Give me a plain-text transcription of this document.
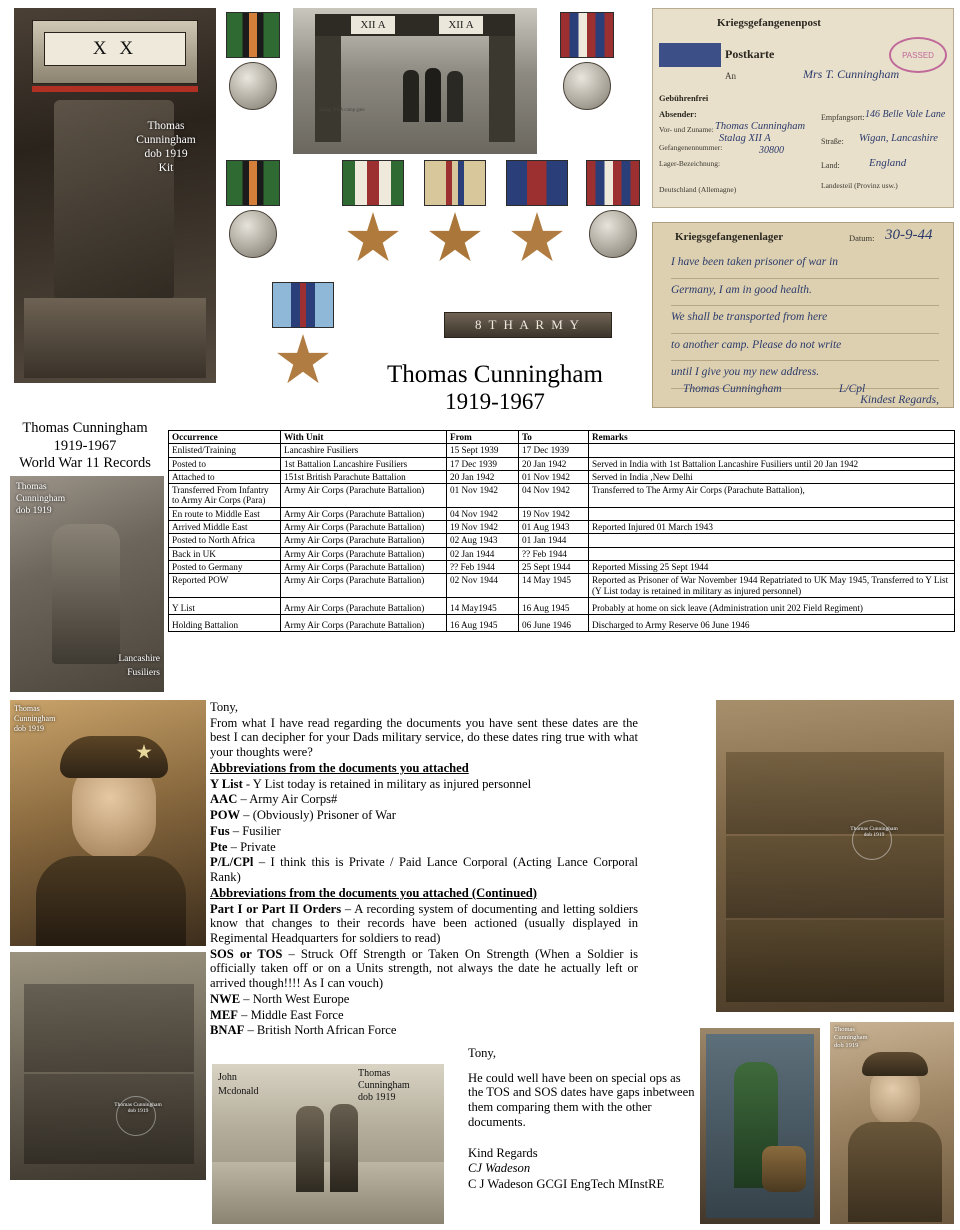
X X
Thomas
Cunningham
dob 1919
Kit
XII A	XII A
Stalag XIIA camp gate
8 T H A R M Y
Thomas Cunningham
1919-1967
Kriegsgefangenenpost
Postkarte	PASSED
An	Mrs T. Cunningham
Gebührenfrei
Absender:
Vor- und Zuname: Thomas Cunningham
Gefangenennummer:
Stalag XII A
30800
Lager-Bezeichnung:
Deutschland (Allemagne)
Empfangsort: 146 Belle Vale Lane
Straße: Wigan, Lancashire
Land:	England
Landesteil (Provinz usw.)
Kriegsgefangenenlager	Datum: 30-9-44
I have been taken prisoner of war in
Germany, I am in good health.
We shall be transported from here
to another camp. Please do not write
until I give you my new address.
Kindest Regards,
Thomas Cunningham	L/Cpl
Thomas Cunningham
1919-1967
World War 11 Records
Thomas
Cunningham
dob 1919
Lancashire
Fusiliers
Occurrence	With Unit	From	To	Remarks
Enlisted/Training	Lancashire Fusiliers	15 Sept 1939	17 Dec 1939	
Posted to	1st Battalion Lancashire Fusiliers	17 Dec 1939	20 Jan 1942	Served in India with 1st Battalion Lancashire Fusiliers until 20 Jan 1942
Attached to	151st British Parachute Battalion	20 Jan 1942	01 Nov 1942	Served in India ,New Delhi
Transferred From Infantry to Army Air Corps (Para)	Army Air Corps (Parachute Battalion)	01 Nov 1942	04 Nov 1942	Transferred to The Army Air Corps (Parachute Battalion),
En route to Middle East	Army Air Corps (Parachute Battalion)	04 Nov 1942	19 Nov 1942	
Arrived Middle East	Army Air Corps (Parachute Battalion)	19 Nov 1942	01 Aug 1943	Reported Injured 01 March 1943
Posted to North Africa	Army Air Corps (Parachute Battalion)	02 Aug 1943	01 Jan 1944	
Back in UK	Army Air Corps (Parachute Battalion)	02 Jan 1944	?? Feb 1944	
Posted to Germany	Army Air Corps (Parachute Battalion)	?? Feb 1944	25 Sept 1944	Reported Missing 25 Sept 1944
Reported POW	Army Air Corps (Parachute Battalion)	02 Nov 1944	14 May 1945	Reported as Prisoner of War November 1944 Repatriated to UK May 1945, Transferred to Y List (Y List today is retained in military as injured personnel)
Y List	Army Air Corps (Parachute Battalion)	14 May1945	16 Aug 1945	Probably at home on sick leave (Administration unit 202 Field Regiment)
Holding Battalion	Army Air Corps (Parachute Battalion)	16 Aug 1945	06 June 1946	Discharged to Army Reserve 06 June 1946
Thomas
Cunningham
dob 1919

Tony,

From what I have read regarding the documents you have sent these dates are the best I can decipher for your Dads military service, do these dates ring true with what your thoughts were?

Abbreviations from the documents you attached

Y List - Y List today is retained in military as injured personnel

AAC – Army Air Corps#

POW – (Obviously) Prisoner of War

Fus – Fusilier

Pte – Private

P/L/CPl – I think this is Private / Paid Lance Corporal (Acting Lance Corporal Rank)

Abbreviations from the documents you attached (Continued)

Part I or Part II Orders – A recording system of documenting and letting soldiers know that changes to their records have been actioned (usually displayed in Regimental Headquarters for soldiers to read)

SOS or TOS – Struck Off Strength or Taken On Strength (When a Soldier is officially taken off or on a Units strength, not always the date he actually left or arrived though!!!! As I can vouch)

NWE – North West Europe

MEF – Middle East Force

BNAF – British North African Force

Thomas Cunningham dob 1919
Thomas Cunningham dob 1919
John
Mcdonald
Thomas
Cunningham
dob 1919

Tony,

He could well have been on special ops as the TOS and SOS dates have gaps inbetween them comparing them with the other documents.

Kind Regards

CJ Wadeson

C J Wadeson GCGI EngTech MInstRE

Thomas
Cunningham
dob 1919
